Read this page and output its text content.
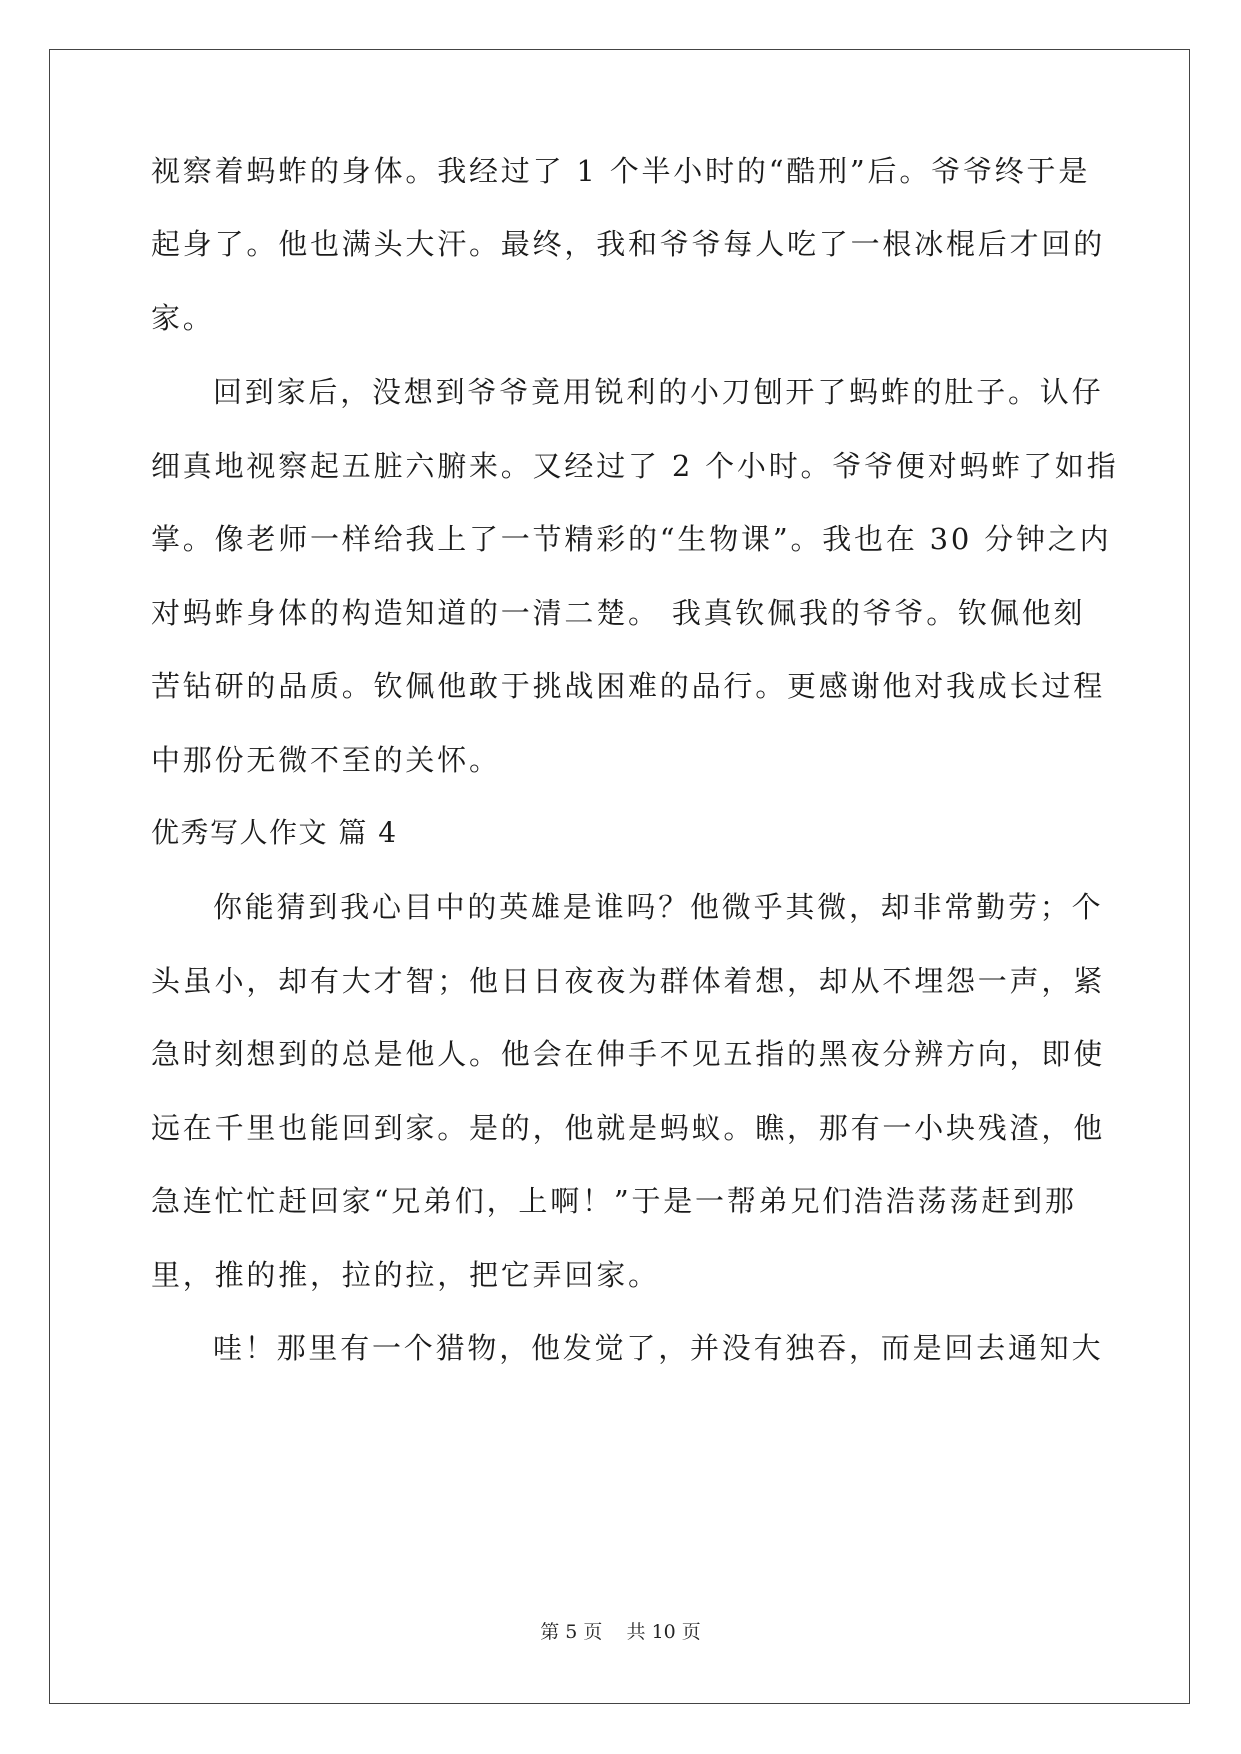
视察着蚂蚱的身体。我经过了 1 个半小时的“酷刑”后。爷爷终于是
起身了。他也满头大汗。最终，我和爷爷每人吃了一根冰棍后才回的
家。
回到家后，没想到爷爷竟用锐利的小刀刨开了蚂蚱的肚子。认仔
细真地视察起五脏六腑来。又经过了 2 个小时。爷爷便对蚂蚱了如指
掌。像老师一样给我上了一节精彩的“生物课”。我也在 30 分钟之内
对蚂蚱身体的构造知道的一清二楚。 我真钦佩我的爷爷。钦佩他刻
苦钻研的品质。钦佩他敢于挑战困难的品行。更感谢他对我成长过程
中那份无微不至的关怀。
优秀写人作文 篇 4
你能猜到我心目中的英雄是谁吗？他微乎其微，却非常勤劳；个
头虽小，却有大才智；他日日夜夜为群体着想，却从不埋怨一声，紧
急时刻想到的总是他人。他会在伸手不见五指的黑夜分辨方向，即使
远在千里也能回到家。是的，他就是蚂蚁。瞧，那有一小块残渣，他
急连忙忙赶回家“兄弟们，上啊！”于是一帮弟兄们浩浩荡荡赶到那
里，推的推，拉的拉，把它弄回家。
哇！那里有一个猎物，他发觉了，并没有独吞，而是回去通知大
第 5 页    共 10 页
